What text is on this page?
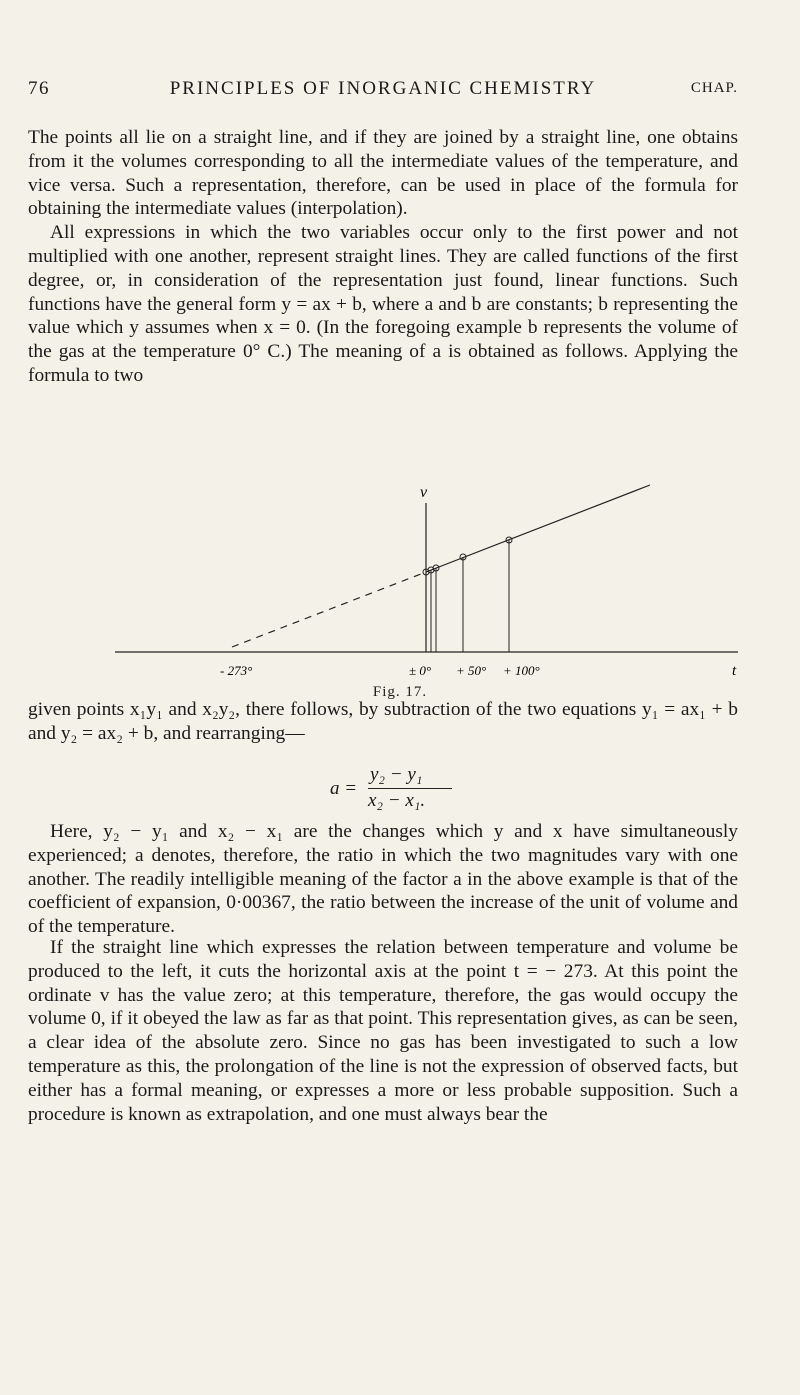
76	PRINCIPLES OF INORGANIC CHEMISTRY	CHAP.

The points all lie on a straight line, and if they are joined by a straight line, one obtains from it the volumes corresponding to all the intermediate values of the temperature, and vice versa. Such a representation, therefore, can be used in place of the formula for obtaining the intermediate values (interpolation).

All expressions in which the two variables occur only to the first power and not multiplied with one another, represent straight lines. They are called functions of the first degree, or, in consideration of the representation just found, linear functions. Such functions have the general form y = ax + b, where a and b are constants; b representing the value which y assumes when x = 0. (In the foregoing example b represents the volume of the gas at the temperature 0° C.) The meaning of a is obtained as follows. Applying the formula to two

v
- 273°	± 0° + 50° + 100°	t
Fig. 17.

given points x₁y₁ and x₂y₂, there follows, by subtraction of the two equations y₁ = ax₁ + b and y₂ = ax₂ + b, and rearranging—

a =
y₂ − y₁
x₂ − x₁.

Here, y₂ − y₁ and x₂ − x₁ are the changes which y and x have simultaneously experienced; a denotes, therefore, the ratio in which the two magnitudes vary with one another. The readily intelligible meaning of the factor a in the above example is that of the coefficient of expansion, 0·00367, the ratio between the increase of the unit of volume and of the temperature.

If the straight line which expresses the relation between temperature and volume be produced to the left, it cuts the horizontal axis at the point t = − 273. At this point the ordinate v has the value zero; at this temperature, therefore, the gas would occupy the volume 0, if it obeyed the law as far as that point. This representation gives, as can be seen, a clear idea of the absolute zero. Since no gas has been investigated to such a low temperature as this, the prolongation of the line is not the expression of observed facts, but either has a formal meaning, or expresses a more or less probable supposition. Such a procedure is known as extrapolation, and one must always bear the
